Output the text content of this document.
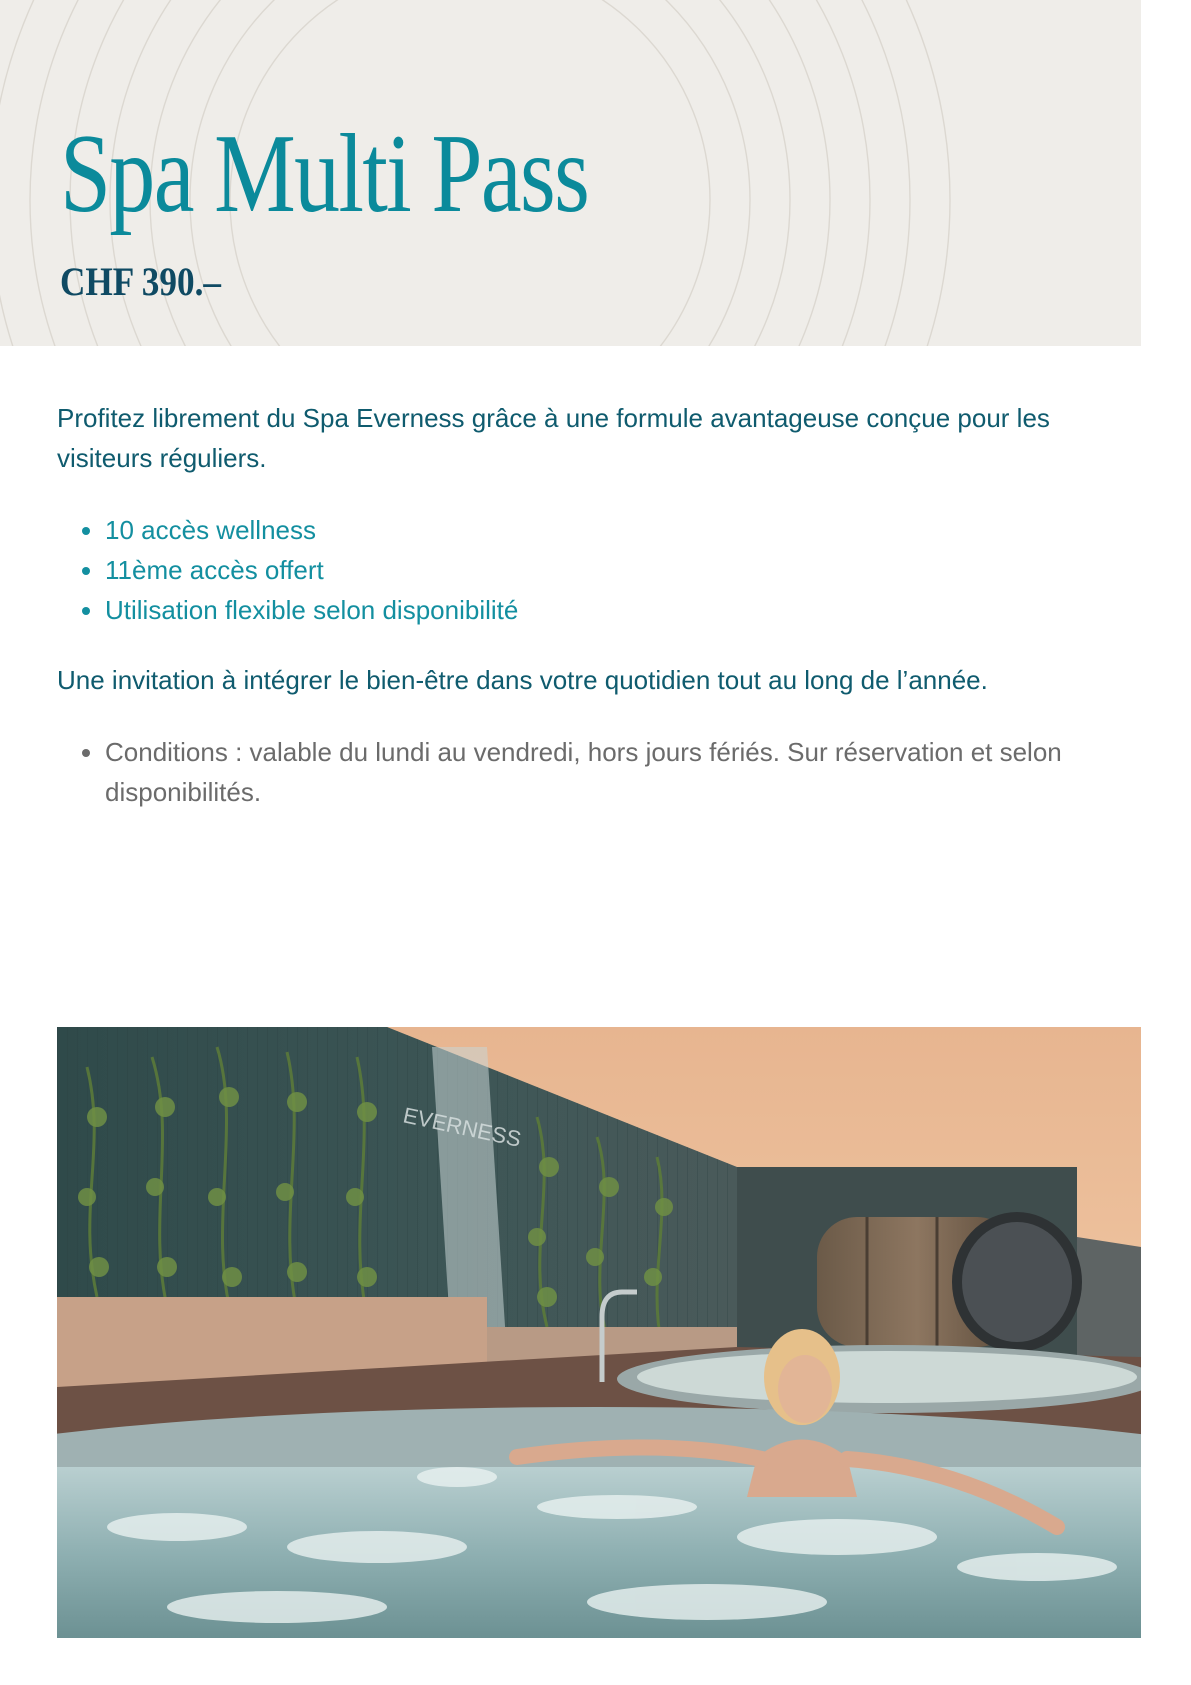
Spa Multi Pass
CHF 390.–

Profitez librement du Spa Everness grâce à une formule avantageuse conçue pour les visiteurs réguliers.

• 10 accès wellness
• 11ème accès offert
• Utilisation flexible selon disponibilité

Une invitation à intégrer le bien-être dans votre quotidien tout au long de l’année.

• Conditions : valable du lundi au vendredi, hors jours fériés. Sur réservation et selon disponibilités.
EVERNESS
